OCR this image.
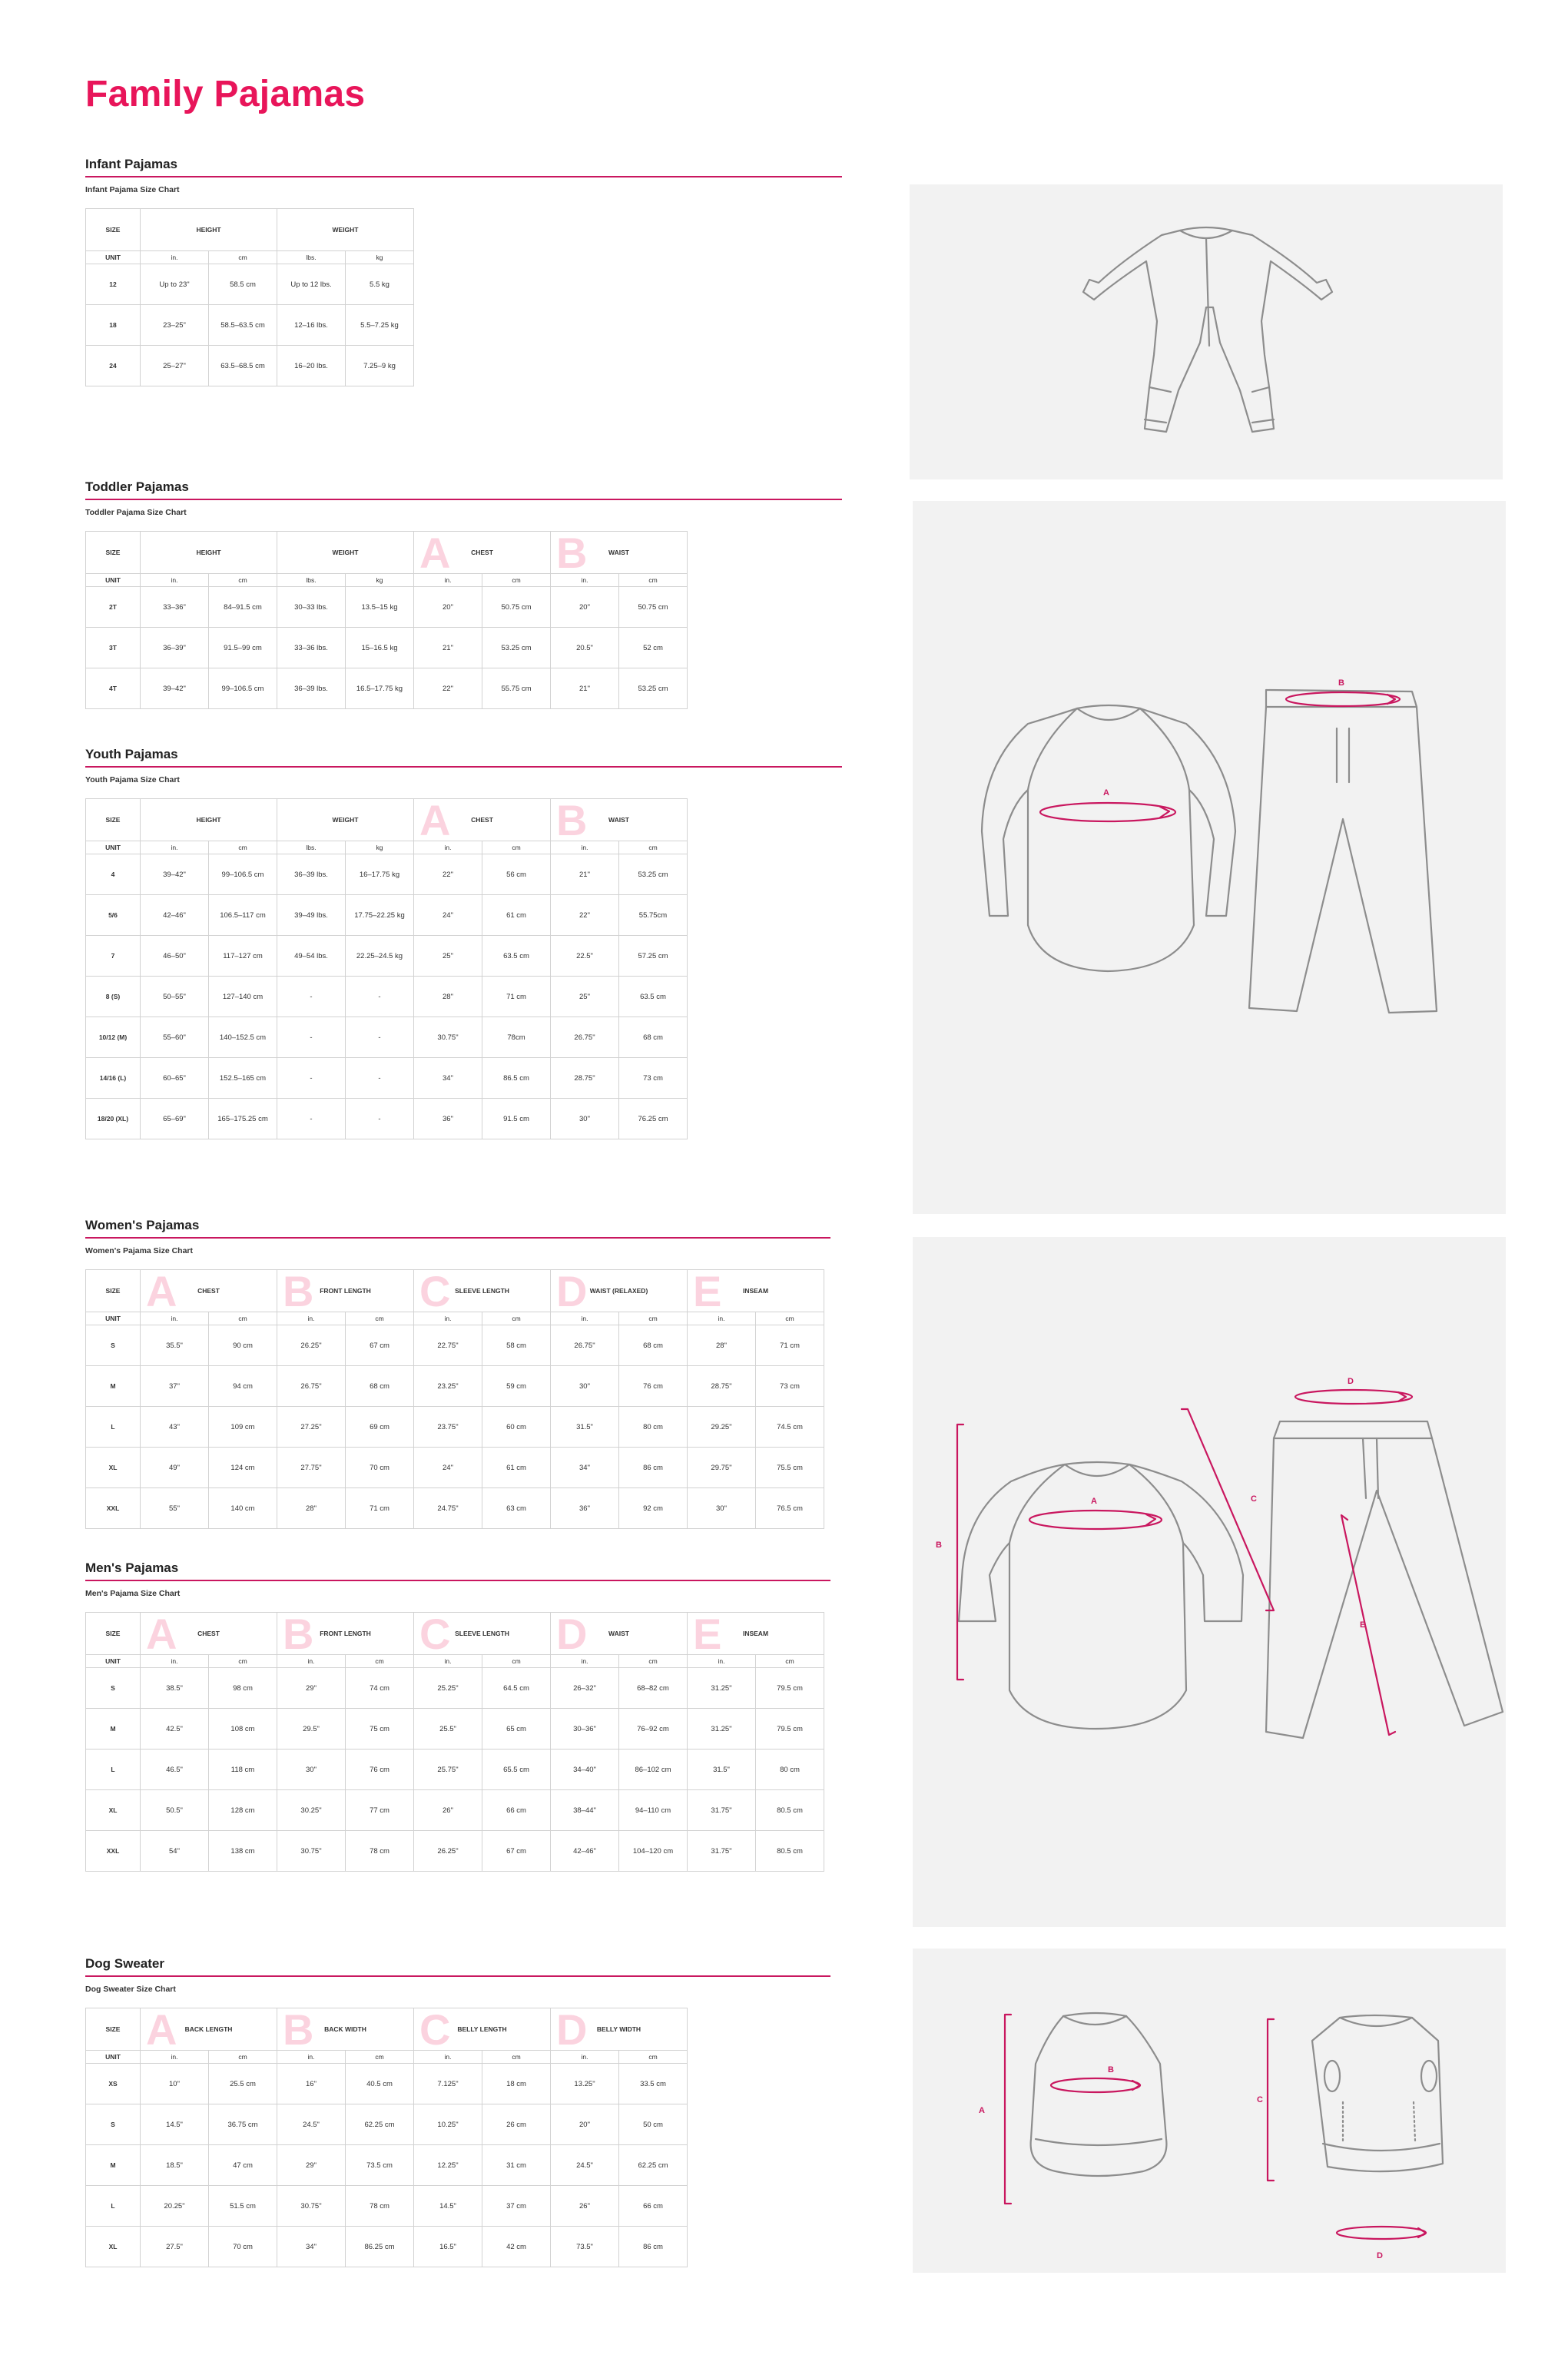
Family Pajamas
Infant Pajamas
Infant Pajama Size Chart
SIZE	HEIGHT		WEIGHT	

UNIT	in.	cm	lbs.	kg
12	Up to 23"	58.5 cm	Up to 12 lbs.	5.5 kg
18	23–25"	58.5–63.5 cm	12–16 lbs.	5.5–7.25 kg
24	25–27"	63.5–68.5 cm	16–20 lbs.	7.25–9 kg
Toddler Pajamas
Toddler Pajama Size Chart
SIZE	HEIGHT		WEIGHT		A CHEST		B WAIST	

UNIT	in.	cm	lbs.	kg	in.	cm	in.	cm
2T	33–36"	84–91.5 cm	30–33 lbs.	13.5–15 kg	20"	50.75 cm	20"	50.75 cm
3T	36–39"	91.5–99 cm	33–36 lbs.	15–16.5 kg	21"	53.25 cm	20.5"	52 cm
4T	39–42"	99–106.5 cm	36–39 lbs.	16.5–17.75 kg	22"	55.75 cm	21"	53.25 cm
Youth Pajamas
Youth Pajama Size Chart
SIZE	HEIGHT		WEIGHT		A CHEST		B WAIST	

UNIT	in.	cm	lbs.	kg	in.	cm	in.	cm
4	39–42"	99–106.5 cm	36–39 lbs.	16–17.75 kg	22"	56 cm	21"	53.25 cm
5/6	42–46"	106.5–117 cm	39–49 lbs.	17.75–22.25 kg	24"	61 cm	22"	55.75cm
7	46–50"	117–127 cm	49–54 lbs.	22.25–24.5 kg	25"	63.5 cm	22.5"	57.25 cm
8 (S)	50–55"	127–140 cm	-	-	28"	71 cm	25"	63.5 cm
10/12 (M)	55–60"	140–152.5 cm	-	-	30.75"	78cm	26.75"	68 cm
14/16 (L)	60–65"	152.5–165 cm	-	-	34"	86.5 cm	28.75"	73 cm
18/20 (XL)	65–69"	165–175.25 cm	-	-	36"	91.5 cm	30"	76.25 cm
Women's Pajamas
Women's Pajama Size Chart
SIZE	A CHEST		B FRONT LENGTH		C SLEEVE LENGTH		D WAIST (RELAXED)		E INSEAM	

UNIT	in.	cm	in.	cm	in.	cm	in.	cm	in.	cm
S	35.5"	90 cm	26.25"	67 cm	22.75"	58 cm	26.75"	68 cm	28"	71 cm
M	37"	94 cm	26.75"	68 cm	23.25"	59 cm	30"	76 cm	28.75"	73 cm
L	43"	109 cm	27.25"	69 cm	23.75"	60 cm	31.5"	80 cm	29.25"	74.5 cm
XL	49"	124 cm	27.75"	70 cm	24"	61 cm	34"	86 cm	29.75"	75.5 cm
XXL	55"	140 cm	28"	71 cm	24.75"	63 cm	36"	92 cm	30"	76.5 cm
Men's Pajamas
Men's Pajama Size Chart
SIZE	A CHEST		B FRONT LENGTH		C SLEEVE LENGTH		D WAIST		E INSEAM	

UNIT	in.	cm	in.	cm	in.	cm	in.	cm	in.	cm
S	38.5"	98 cm	29"	74 cm	25.25"	64.5 cm	26–32"	68–82 cm	31.25"	79.5 cm
M	42.5"	108 cm	29.5"	75 cm	25.5"	65 cm	30–36"	76–92 cm	31.25"	79.5 cm
L	46.5"	118 cm	30"	76 cm	25.75"	65.5 cm	34–40"	86–102 cm	31.5"	80 cm
XL	50.5"	128 cm	30.25"	77 cm	26"	66 cm	38–44"	94–110 cm	31.75"	80.5 cm
XXL	54"	138 cm	30.75"	78 cm	26.25"	67 cm	42–46"	104–120 cm	31.75"	80.5 cm
Dog Sweater
Dog Sweater Size Chart
SIZE	A BACK LENGTH		B BACK WIDTH		C BELLY LENGTH		D BELLY WIDTH	

UNIT	in.	cm	in.	cm	in.	cm	in.	cm
XS	10"	25.5 cm	16"	40.5 cm	7.125"	18 cm	13.25"	33.5 cm
S	14.5"	36.75 cm	24.5"	62.25 cm	10.25"	26 cm	20"	50 cm
M	18.5"	47 cm	29"	73.5 cm	12.25"	31 cm	24.5"	62.25 cm
L	20.25"	51.5 cm	30.75"	78 cm	14.5"	37 cm	26"	66 cm
XL	27.5"	70 cm	34"	86.25 cm	16.5"	42 cm	73.5"	86 cm
A
B
A
B
C
D
E
A
B
C
D
